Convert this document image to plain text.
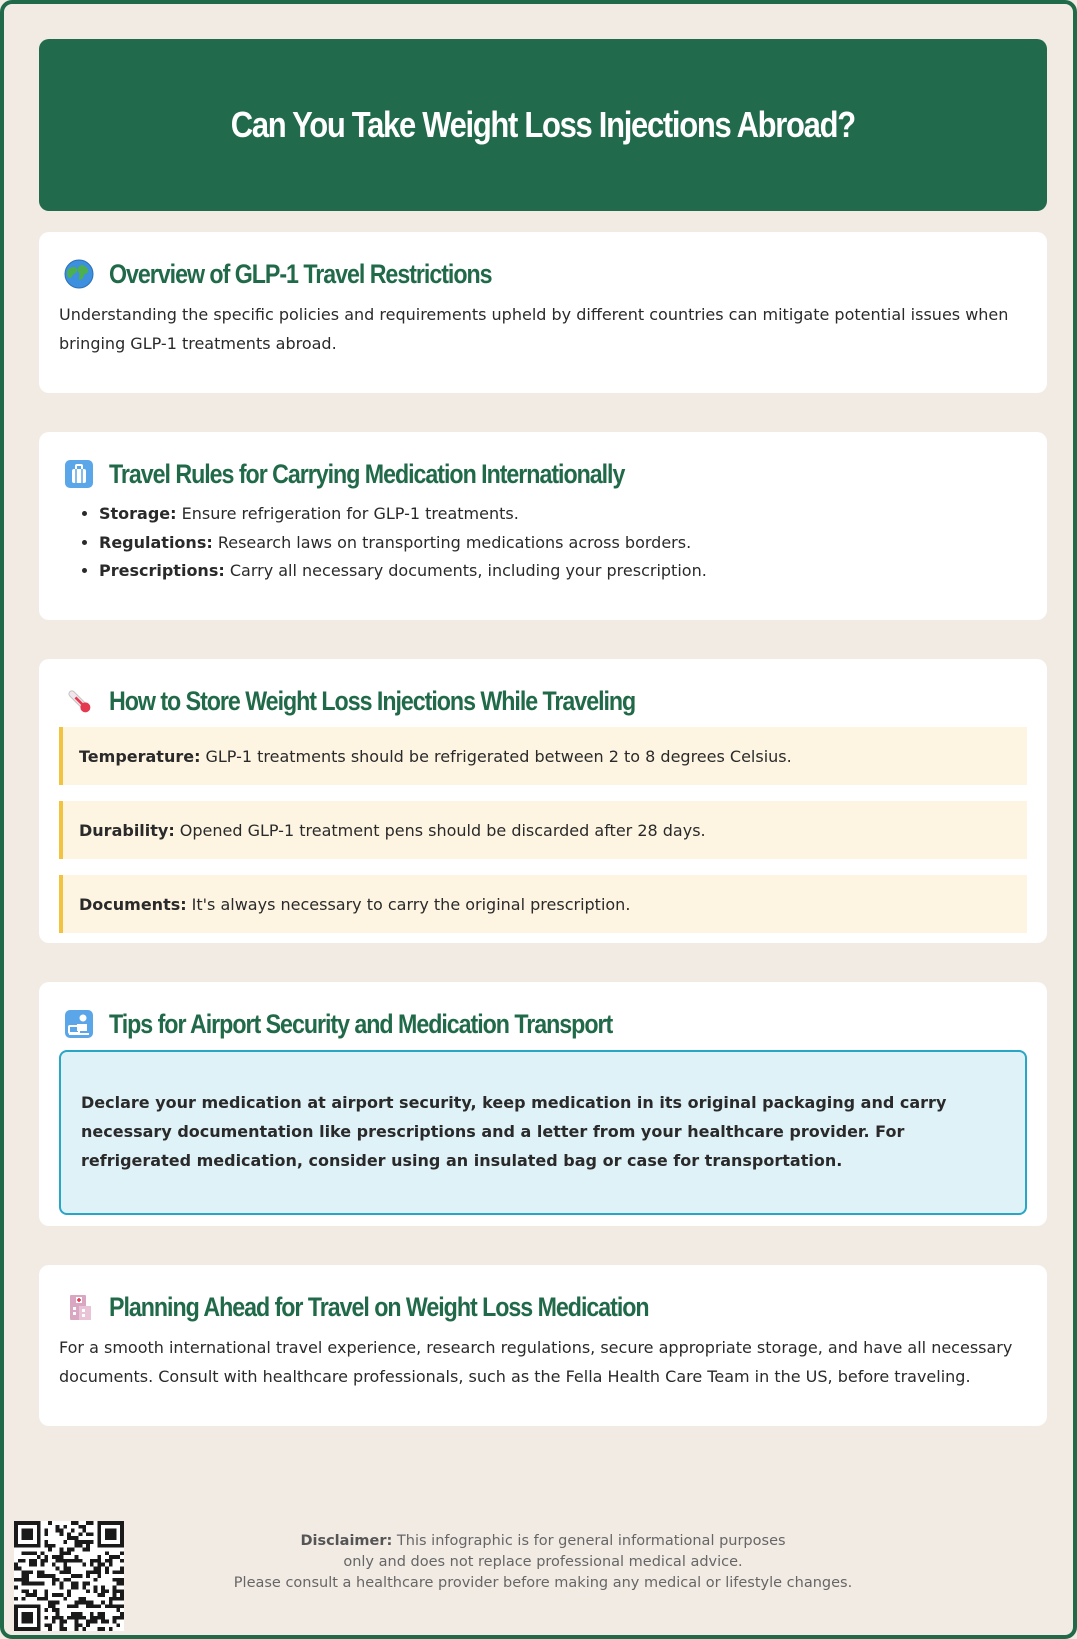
Can You Take Weight Loss Injections Abroad?
Overview of GLP-1 Travel Restrictions

Understanding the specific policies and requirements upheld by different countries can mitigate potential issues when bringing GLP-1 treatments abroad.

Travel Rules for Carrying Medication Internationally
• Storage: Ensure refrigeration for GLP-1 treatments.
• Regulations: Research laws on transporting medications across borders.
• Prescriptions: Carry all necessary documents, including your prescription.
How to Store Weight Loss Injections While Traveling
Temperature: GLP-1 treatments should be refrigerated between 2 to 8 degrees Celsius.
Durability: Opened GLP-1 treatment pens should be discarded after 28 days.
Documents: It's always necessary to carry the original prescription.
Tips for Airport Security and Medication Transport
Declare your medication at airport security, keep medication in its original packaging and carry necessary documentation like prescriptions and a letter from your healthcare provider. For refrigerated medication, consider using an insulated bag or case for transportation.
Planning Ahead for Travel on Weight Loss Medication

For a smooth international travel experience, research regulations, secure appropriate storage, and have all necessary documents. Consult with healthcare professionals, such as the Fella Health Care Team in the US, before traveling.

Disclaimer: This infographic is for general informational purposes
only and does not replace professional medical advice.
Please consult a healthcare provider before making any medical or lifestyle changes.
